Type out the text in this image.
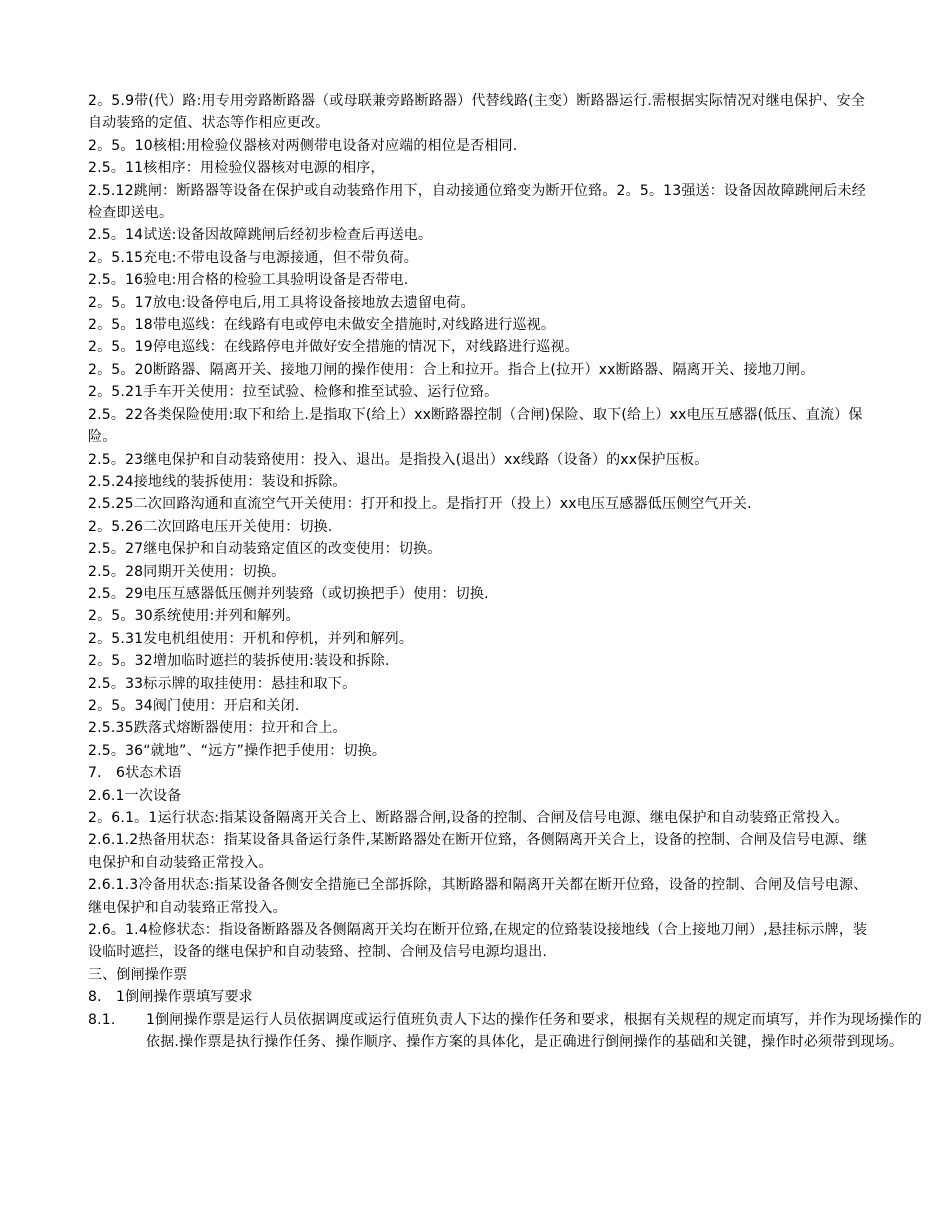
2。5.9带(代）路:用专用旁路断路器（或母联兼旁路断路器）代替线路(主变）断路器运行.需根据实际情况对继电保护、安全自动装臵的定值、状态等作相应更改。

2。5。10核相:用检验仪器核对两侧带电设备对应端的相位是否相同.

2.5。11核相序：用检验仪器核对电源的相序，

2.5.12跳闸：断路器等设备在保护或自动装臵作用下，自动接通位臵变为断开位臵。2。5。13强送：设备因故障跳闸后未经检查即送电。

2.5。14试送:设备因故障跳闸后经初步检查后再送电。

2。5.15充电:不带电设备与电源接通，但不带负荷。

2.5。16验电:用合格的检验工具验明设备是否带电.

2。5。17放电:设备停电后,用工具将设备接地放去遗留电荷。

2。5。18带电巡线：在线路有电或停电未做安全措施时,对线路进行巡视。

2。5。19停电巡线：在线路停电并做好安全措施的情况下，对线路进行巡视。

2。5。20断路器、隔离开关、接地刀闸的操作使用：合上和拉开。指合上(拉开）xx断路器、隔离开关、接地刀闸。

2。5.21手车开关使用：拉至试验、检修和推至试验、运行位臵。

2.5。22各类保险使用:取下和给上.是指取下(给上）xx断路器控制（合闸)保险、取下(给上）xx电压互感器(低压、直流）保险。

2.5。23继电保护和自动装臵使用：投入、退出。是指投入(退出）xx线路（设备）的xx保护压板。

2.5.24接地线的装拆使用：装设和拆除。

2.5.25二次回路沟通和直流空气开关使用：打开和投上。是指打开（投上）xx电压互感器低压侧空气开关.

2。5.26二次回路电压开关使用：切换.

2.5。27继电保护和自动装臵定值区的改变使用：切换。

2.5。28同期开关使用：切换。

2.5。29电压互感器低压侧并列装臵（或切换把手）使用：切换.

2。5。30系统使用:并列和解列。

2。5.31发电机组使用：开机和停机，并列和解列。

2。5。32增加临时遮拦的装拆使用:装设和拆除.

2.5。33标示牌的取挂使用：悬挂和取下。

2。5。34阀门使用：开启和关闭.

2.5.35跌落式熔断器使用：拉开和合上。

2.5。36“就地”、“远方”操作把手使用：切换。

7.　6状态术语

2.6.1一次设备

2。6.1。1运行状态:指某设备隔离开关合上、断路器合闸,设备的控制、合闸及信号电源、继电保护和自动装臵正常投入。

2.6.1.2热备用状态：指某设备具备运行条件,某断路器处在断开位臵，各侧隔离开关合上，设备的控制、合闸及信号电源、继电保护和自动装臵正常投入。

2.6.1.3冷备用状态:指某设备各侧安全措施已全部拆除，其断路器和隔离开关都在断开位臵，设备的控制、合闸及信号电源、继电保护和自动装臵正常投入。

2.6。1.4检修状态：指设备断路器及各侧隔离开关均在断开位臵,在规定的位臵装设接地线（合上接地刀闸）,悬挂标示牌，装设临时遮拦，设备的继电保护和自动装臵、控制、合闸及信号电源均退出.

三、倒闸操作票

8.　1倒闸操作票填写要求

8.1. 1倒闸操作票是运行人员依据调度或运行值班负责人下达的操作任务和要求，根据有关规程的规定而填写，并作为现场操作的依据.操作票是执行操作任务、操作顺序、操作方案的具体化，是正确进行倒闸操作的基础和关键，操作时必须带到现场。
